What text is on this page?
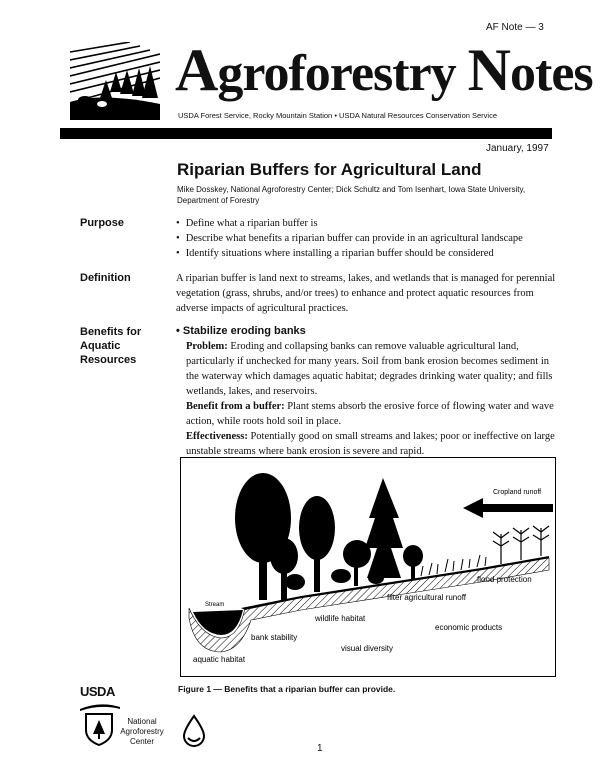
AF Note — 3
Agroforestry Notes
USDA Forest Service, Rocky Mountain Station • USDA Natural Resources Conservation Service
January, 1997
Riparian Buffers for Agricultural Land
Mike Dosskey, National Agroforestry Center; Dick Schultz and Tom Isenhart, Iowa State University, Department of Forestry
Purpose
•	Define what a riparian buffer is
• Describe what benefits a riparian buffer can provide in an agricultural landscape
• Identify situations where installing a riparian buffer should be considered
Definition	A riparian buffer is land next to streams, lakes, and wetlands that is managed for perennial vegetation (grass, shrubs, and/or trees) to enhance and protect aquatic resources from adverse impacts of agricultural practices.
Benefits for
Aquatic
Resources
• Stabilize eroding banks
Problem: Eroding and collapsing banks can remove valuable agricultural land, particularly if unchecked for many years. Soil from bank erosion becomes sediment in the waterway which damages aquatic habitat; degrades drinking water quality; and fills wetlands, lakes, and reservoirs.
Benefit from a buffer: Plant stems absorb the erosive force of flowing water and wave action, while roots hold soil in place.
Effectiveness: Potentially good on small streams and lakes; poor or ineffective on large unstable streams where bank erosion is severe and rapid.
Cropland runoff
flood protection
filter agricultural runoff
economic products
wildlife habitat
Stream
bank stability
visual diversity
aquatic habitat
Figure 1 — Benefits that a riparian buffer can provide.
USDA
National
Agroforestry
Center
1
